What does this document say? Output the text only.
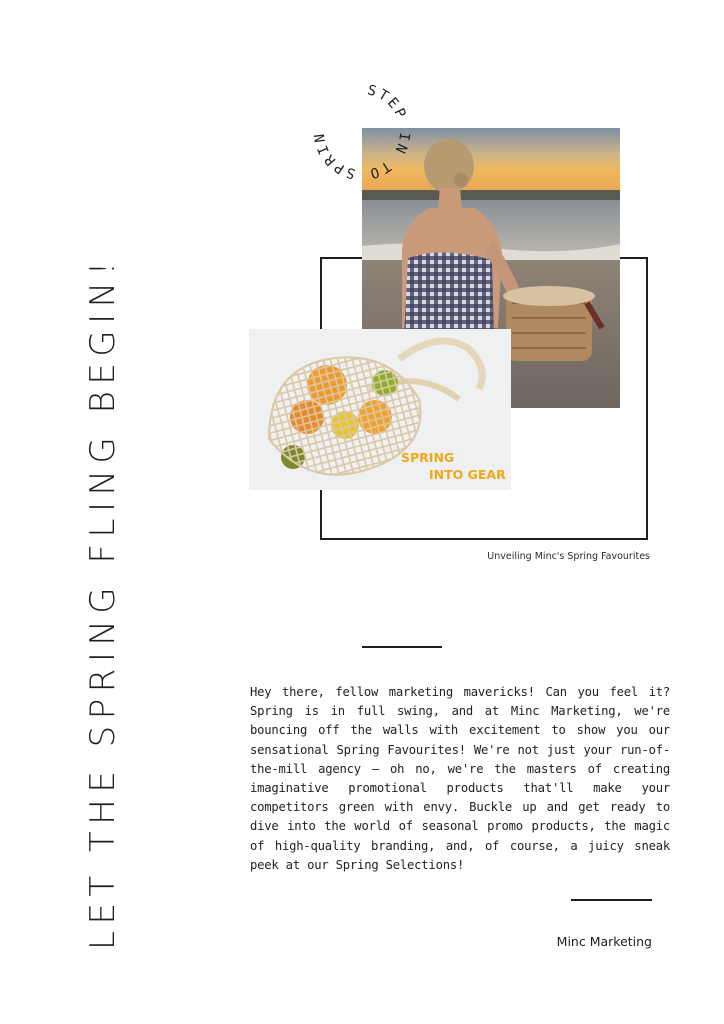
LET THE SPRING FLING BEGIN!	SPRING
INTO GEAR
STEP IN TO SPRIN
Unveiling Minc's Spring Favourites
Hey there, fellow marketing mavericks! Can you feel it? Spring is in full swing, and at Minc Marketing, we're bouncing off the walls with excitement to show you our sensational Spring Favourites! We're not just your run-of-the-mill agency — oh no, we're the masters of creating imaginative promotional products that'll make your competitors green with envy. Buckle up and get ready to dive into the world of seasonal promo products, the magic of high-quality branding, and, of course, a juicy sneak peek at our Spring Selections!
Minc Marketing
